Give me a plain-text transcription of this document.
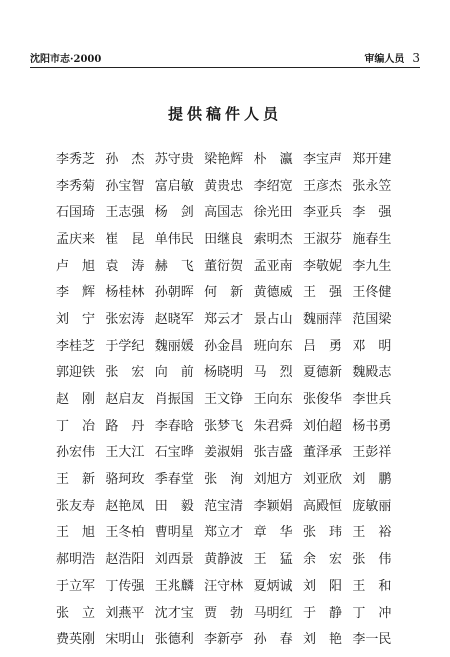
沈阳市志·2000	审编人员 3
提供稿件人员
李秀芝 孙杰
苏守贵 梁艳辉 朴瀛
李宝声 郑开建
李秀菊 孙宝智 富启敏 黄贵忠 李绍宽 王彦杰 张永笠
石国琦 王志强 杨剑
高国志 徐光田 李亚兵 李强
孟庆来 崔昆
单伟民 田继良 索明杰 王淑芬 施春生
卢旭
袁涛
赫飞
董衍贺 孟亚南 李敬妮 李九生
李辉
杨桂林 孙朝晖 何新
黄德威 王强
王佟健
刘宁
张宏涛 赵晓军 郑云才 景占山 魏丽萍 范国梁
李桂芝 于学纪 魏丽媛 孙金昌 班向东 吕勇
邓明
郭迎铁 张宏
向前
杨晓明 马烈
夏德新 魏殿志
赵刚
赵启友 肖振国 王文铮 王向东 张俊华 李世兵
丁冶
路丹
李春晗 张梦飞 朱君舜 刘伯超 杨书勇
孙宏伟 王大江 石宝晔 姜淑娟 张吉盛 董泽承 王彭祥
王新
骆珂玫 季春堂 张洵
刘旭方 刘亚欣 刘鹏
张友寿 赵艳凤 田毅
范宝清 李颖娟 高殿恒 庞敏丽
王旭
王冬柏 曹明星 郑立才 章华
张玮
王裕
郝明浩 赵浩阳 刘西景 黄静波 王猛
余宏
张伟
于立军 丁传强 王兆麟 汪守林 夏炳诚 刘阳
王和
张立
刘燕平 沈才宝 贾勃
马明红 于静
丁冲
费英刚 宋明山 张德利 李新亭 孙春
刘艳
李一民
